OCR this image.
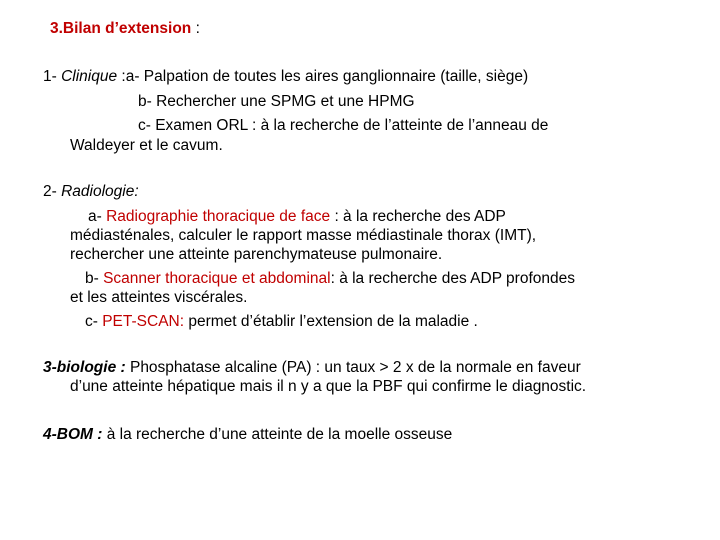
3.Bilan d’extension :
1- Clinique :a- Palpation de toutes les aires ganglionnaire (taille, siège)
b- Rechercher une SPMG et une HPMG
c- Examen ORL : à la recherche de l’atteinte de l’anneau de
Waldeyer et le cavum.
2- Radiologie:
a- Radiographie thoracique de face : à la recherche des ADP
médiasténales, calculer le rapport masse médiastinale thorax (IMT),
rechercher une atteinte parenchymateuse pulmonaire.
b- Scanner thoracique et abdominal: à la recherche des ADP profondes
et les atteintes viscérales.
c- PET-SCAN: permet d’établir l’extension de la maladie .
3-biologie : Phosphatase alcaline (PA) : un taux > 2 x de la normale en faveur
d’une atteinte hépatique mais il n y a que la PBF qui confirme le diagnostic.
4-BOM : à la recherche d’une atteinte de la moelle osseuse
